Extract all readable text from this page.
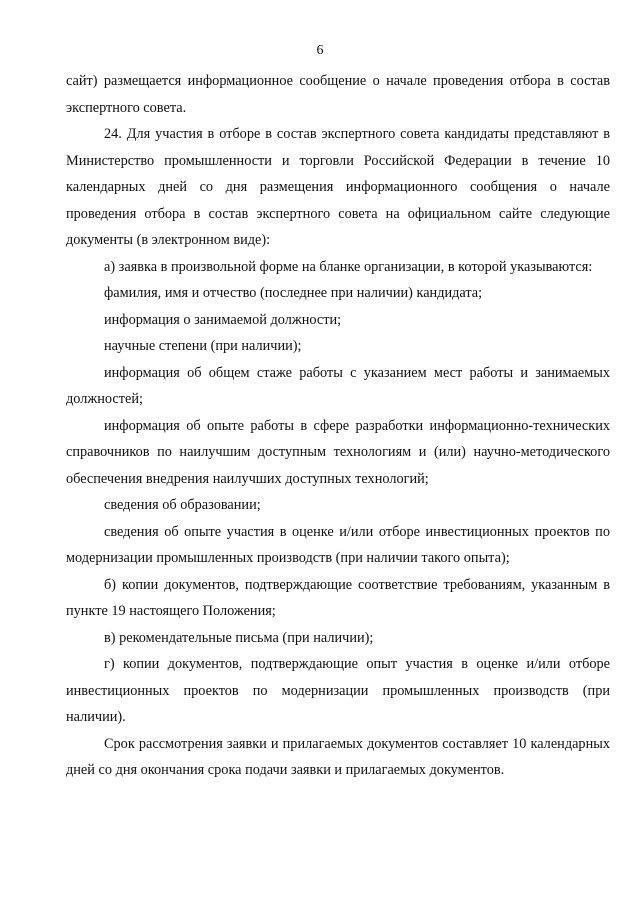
6

сайт) размещается информационное сообщение о начале проведения отбора в состав экспертного совета.

24. Для участия в отборе в состав экспертного совета кандидаты представляют в Министерство промышленности и торговли Российской Федерации в течение 10 календарных дней со дня размещения информационного сообщения о начале проведения отбора в состав экспертного совета на официальном сайте следующие документы (в электронном виде):

а) заявка в произвольной форме на бланке организации, в которой указываются:

фамилия, имя и отчество (последнее при наличии) кандидата;

информация о занимаемой должности;

научные степени (при наличии);

информация об общем стаже работы с указанием мест работы и занимаемых должностей;

информация об опыте работы в сфере разработки информационно-технических справочников по наилучшим доступным технологиям и (или) научно-методического обеспечения внедрения наилучших доступных технологий;

сведения об образовании;

сведения об опыте участия в оценке и/или отборе инвестиционных проектов по модернизации промышленных производств (при наличии такого опыта);

б) копии документов, подтверждающие соответствие требованиям, указанным в пункте 19 настоящего Положения;

в) рекомендательные письма (при наличии);

г) копии документов, подтверждающие опыт участия в оценке и/или отборе инвестиционных проектов по модернизации промышленных производств (при наличии).

Срок рассмотрения заявки и прилагаемых документов составляет 10 календарных дней со дня окончания срока подачи заявки и прилагаемых документов.
